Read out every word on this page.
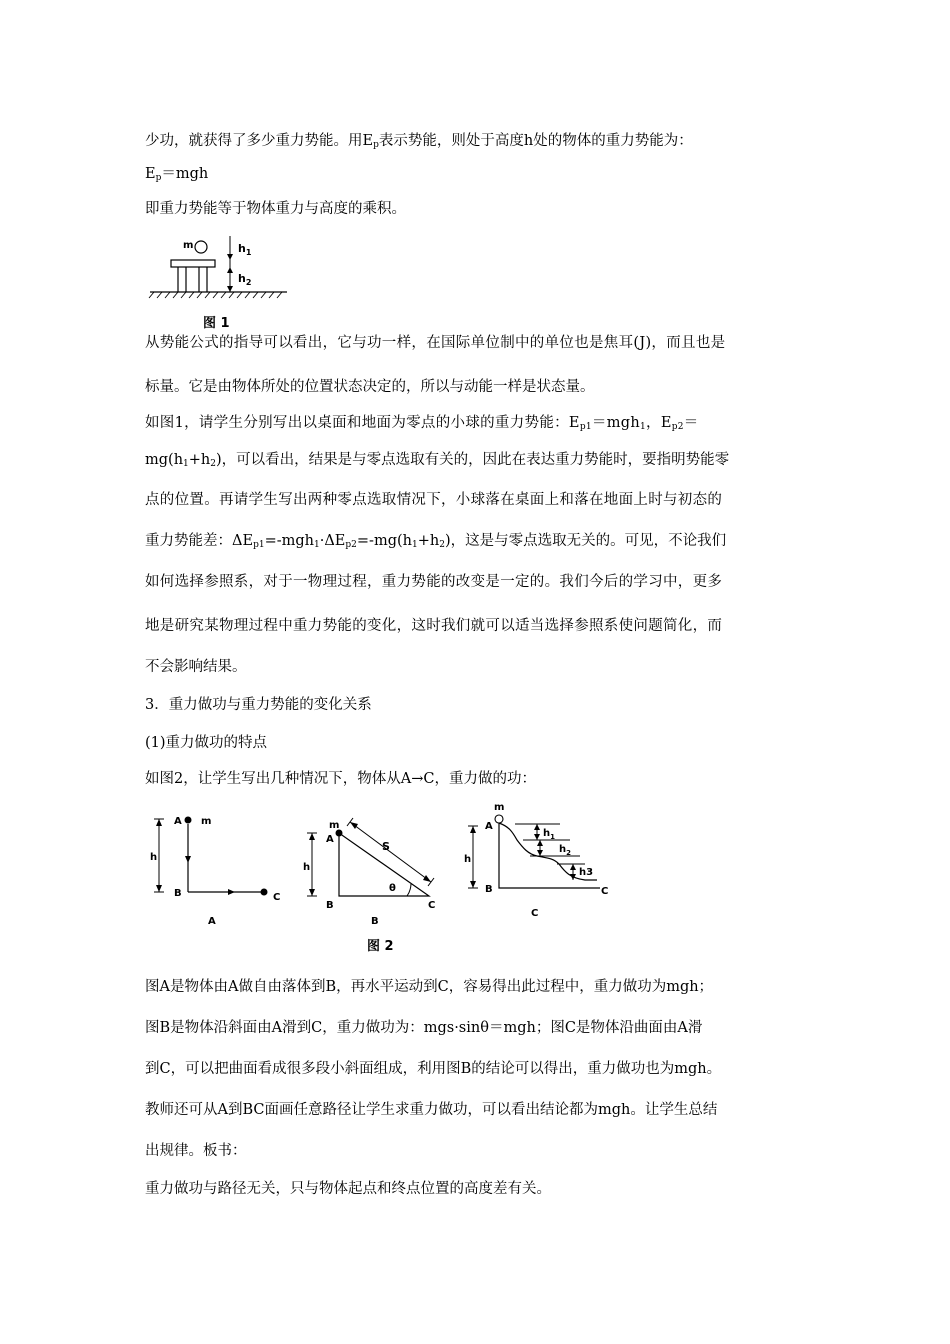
少功，就获得了多少重力势能。用$E_p$表示势能，则处于高度h处的物体的重力势能为：
$E_p=mgh$
即重力势能等于物体重力与高度的乘积。
m	$h_1$
$h_2$
图 1
从势能公式的指导可以看出，它与功一样，在国际单位制中的单位也是焦耳(J)，而且也是
标量。它是由物体所处的位置状态决定的，所以与动能一样是状态量。
如图1，请学生分别写出以桌面和地面为零点的小球的重力势能：$E_{p1}=mgh_1$，$E_{p2}=$
$mg(h_1+h_2)$，可以看出，结果是与零点选取有关的，因此在表达重力势能时，要指明势能零
点的位置。再请学生写出两种零点选取情况下，小球落在桌面上和落在地面上时与初态的
重力势能差：$\Delta E_{p1}=-mgh_1\cdot\Delta E_{p2}=-mg(h_1+h_2)$，这是与零点选取无关的。可见，不论我们
如何选择参照系，对于一物理过程，重力势能的改变是一定的。我们今后的学习中，更多
地是研究某物理过程中重力势能的变化，这时我们就可以适当选择参照系使问题简化，而
不会影响结果。
3．重力做功与重力势能的变化关系
(1)重力做功的特点
如图2，让学生写出几种情况下，物体从A→C，重力做的功：
h
A m
B	C
A
h
m
A
B	C
S
θ
B
h
m
A
B	C
$h_1$
$h_2$
h3
C
图 2
图A是物体由A做自由落体到B，再水平运动到C，容易得出此过程中，重力做功为mgh；
图B是物体沿斜面由A滑到C，重力做功为：mgs·sinθ＝mgh；图C是物体沿曲面由A滑
到C，可以把曲面看成很多段小斜面组成，利用图B的结论可以得出，重力做功也为mgh。
教师还可从A到BC面画任意路径让学生求重力做功，可以看出结论都为mgh。让学生总结
出规律。板书：
重力做功与路径无关，只与物体起点和终点位置的高度差有关。
